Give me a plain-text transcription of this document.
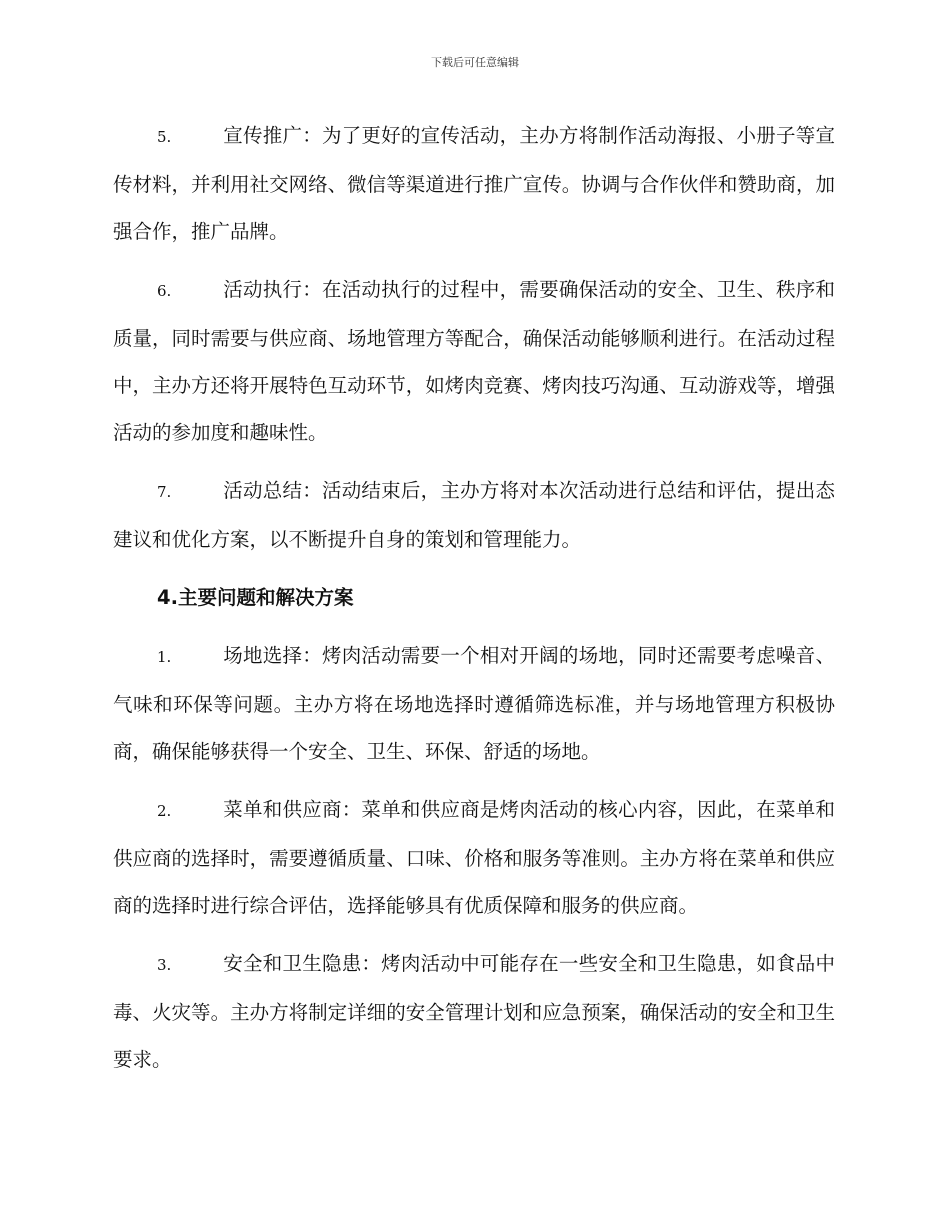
下载后可任意编辑

5.	宣传推广：为了更好的宣传活动，主办方将制作活动海报、小册子等宣传材料，并利用社交网络、微信等渠道进行推广宣传。协调与合作伙伴和赞助商，加强合作，推广品牌。

6.	活动执行：在活动执行的过程中，需要确保活动的安全、卫生、秩序和质量，同时需要与供应商、场地管理方等配合，确保活动能够顺利进行。在活动过程中，主办方还将开展特色互动环节，如烤肉竞赛、烤肉技巧沟通、互动游戏等，增强活动的参加度和趣味性。

7.	活动总结：活动结束后，主办方将对本次活动进行总结和评估，提出态建议和优化方案，以不断提升自身的策划和管理能力。

4.主要问题和解决方案

1.	场地选择：烤肉活动需要一个相对开阔的场地，同时还需要考虑噪音、气味和环保等问题。主办方将在场地选择时遵循筛选标准，并与场地管理方积极协商，确保能够获得一个安全、卫生、环保、舒适的场地。

2.	菜单和供应商：菜单和供应商是烤肉活动的核心内容，因此，在菜单和供应商的选择时，需要遵循质量、口味、价格和服务等准则。主办方将在菜单和供应商的选择时进行综合评估，选择能够具有优质保障和服务的供应商。

3.	安全和卫生隐患：烤肉活动中可能存在一些安全和卫生隐患，如食品中毒、火灾等。主办方将制定详细的安全管理计划和应急预案，确保活动的安全和卫生要求。
